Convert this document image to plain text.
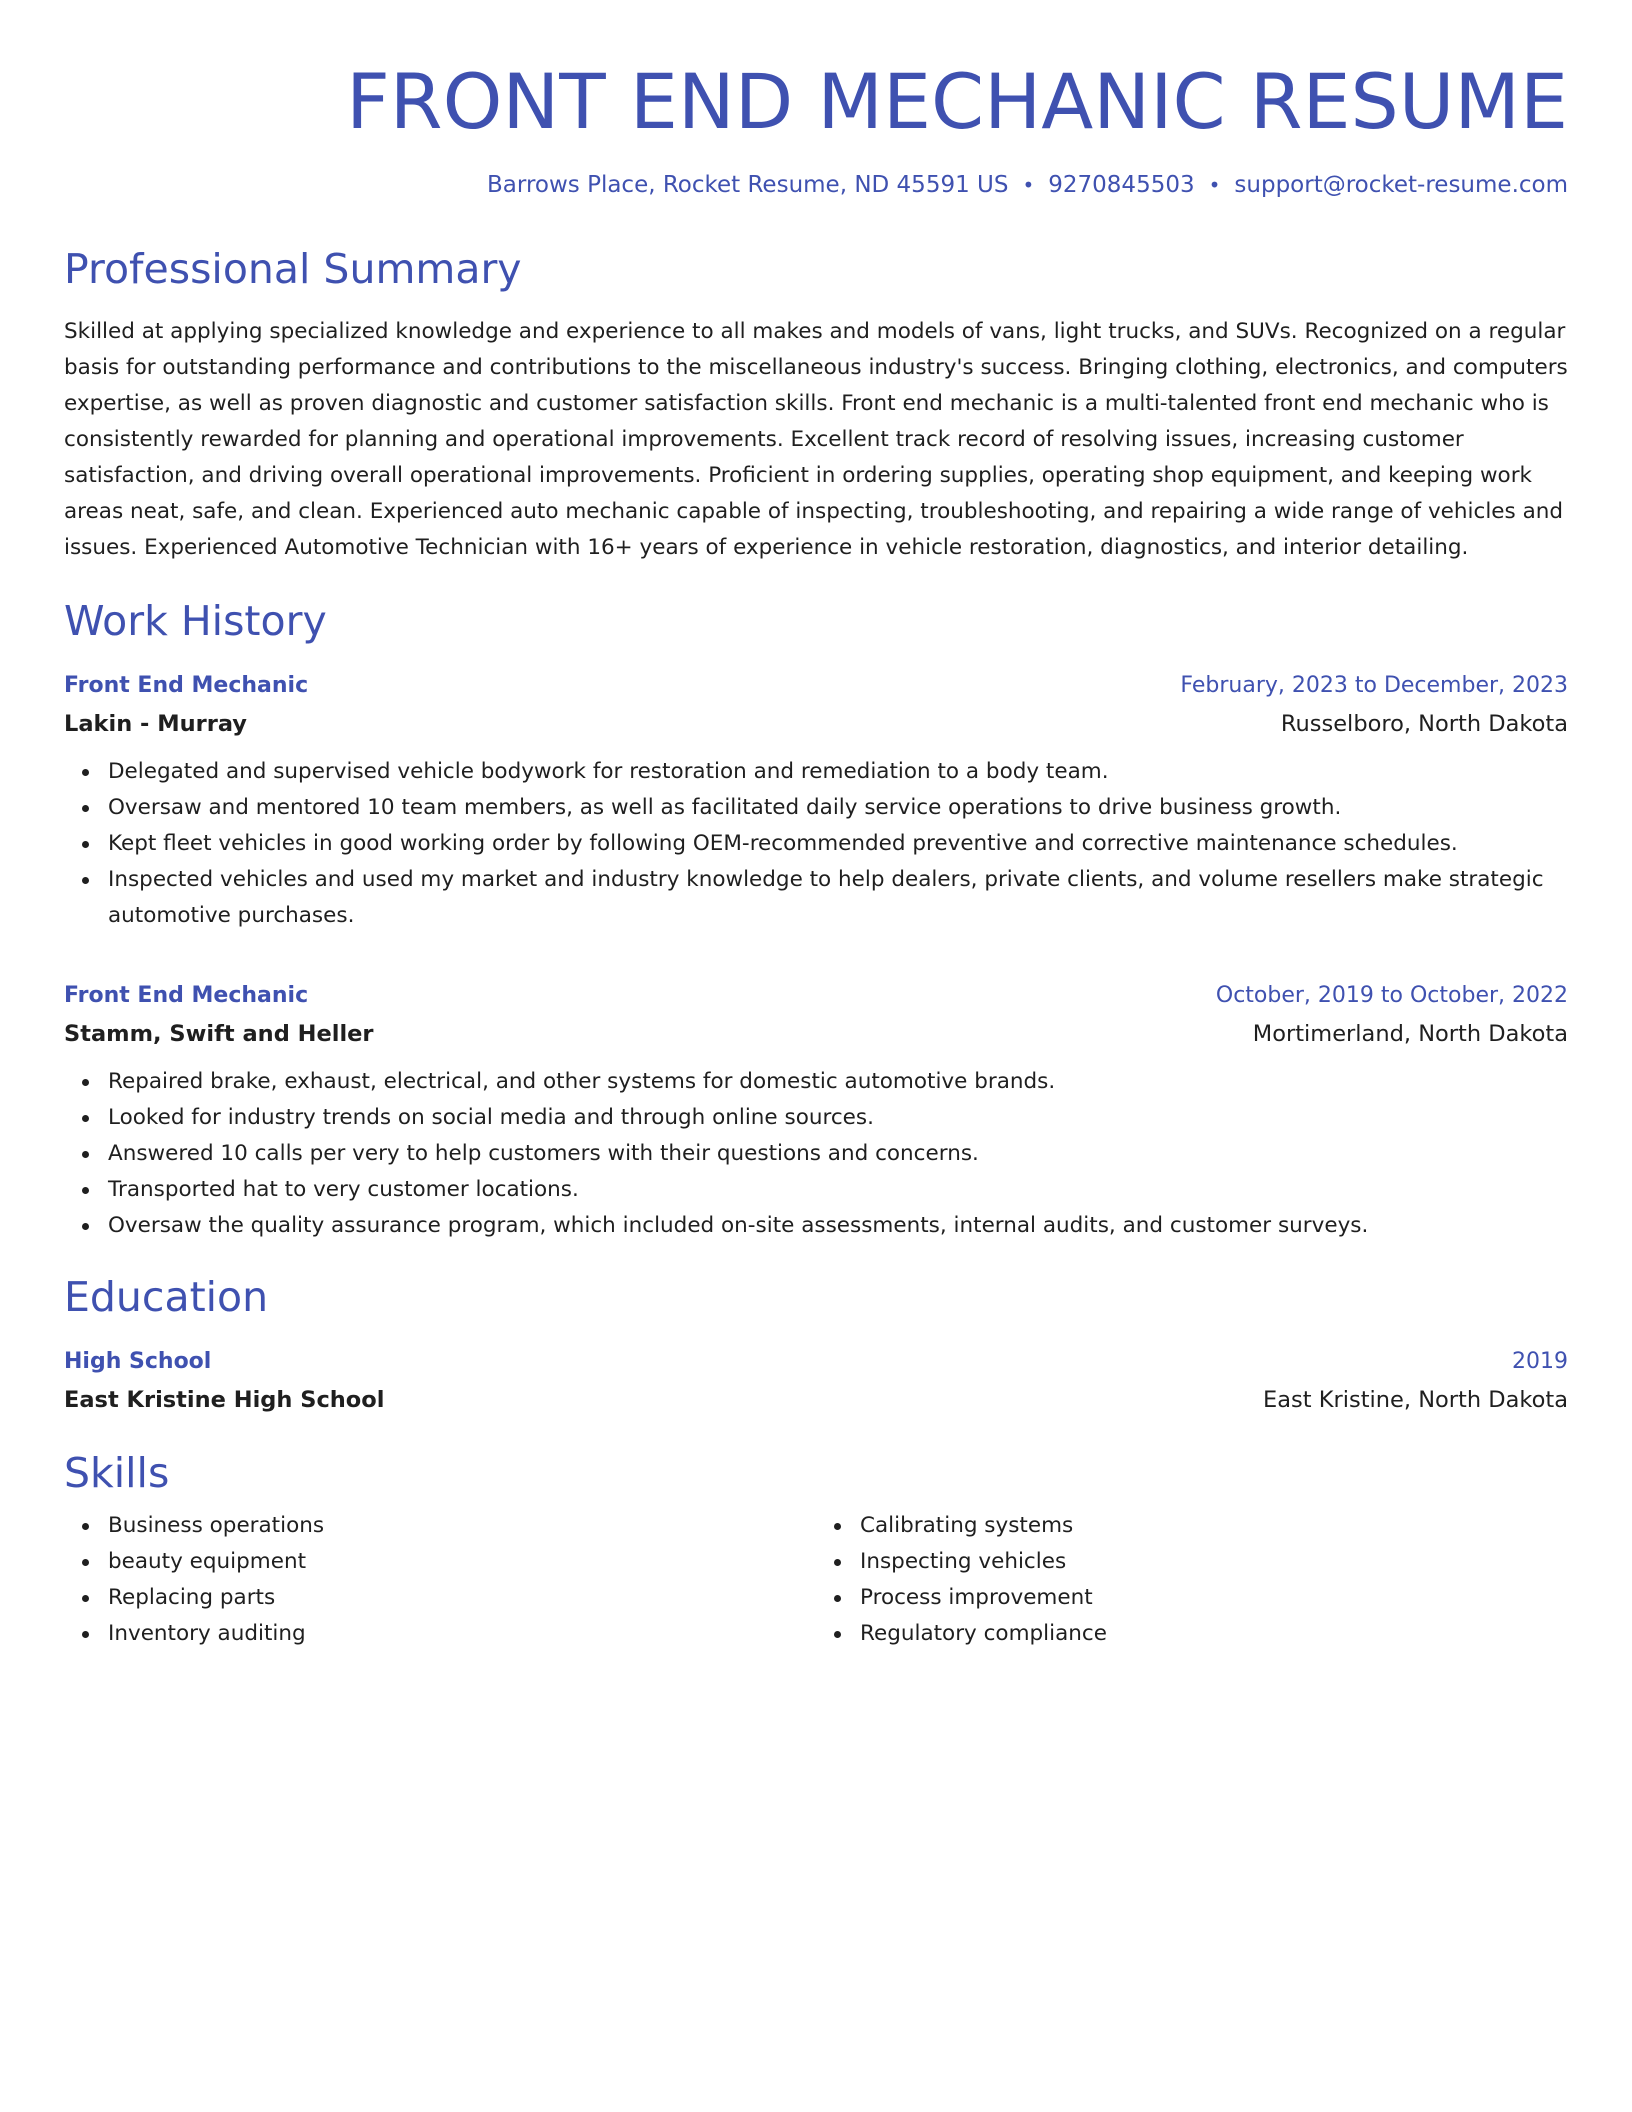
FRONT END MECHANIC RESUME
Barrows Place, Rocket Resume, ND 45591 US • 9270845503 • support@rocket-resume.com
Professional Summary

Skilled at applying specialized knowledge and experience to all makes and models of vans, light trucks, and SUVs. Recognized on a regular basis for outstanding performance and contributions to the miscellaneous industry's success. Bringing clothing, electronics, and computers expertise, as well as proven diagnostic and customer satisfaction skills. Front end mechanic is a multi-talented front end mechanic who is consistently rewarded for planning and operational improvements. Excellent track record of resolving issues, increasing customer satisfaction, and driving overall operational improvements. Proficient in ordering supplies, operating shop equipment, and keeping work areas neat, safe, and clean. Experienced auto mechanic capable of inspecting, troubleshooting, and repairing a wide range of vehicles and issues. Experienced Automotive Technician with 16+ years of experience in vehicle restoration, diagnostics, and interior detailing.

Work History
Front End Mechanic	February, 2023 to December, 2023
Lakin - Murray	Russelboro, North Dakota
Delegated and supervised vehicle bodywork for restoration and remediation to a body team.
Oversaw and mentored 10 team members, as well as facilitated daily service operations to drive business growth.
Kept fleet vehicles in good working order by following OEM-recommended preventive and corrective maintenance schedules.
Inspected vehicles and used my market and industry knowledge to help dealers, private clients, and volume resellers make strategic automotive purchases.
Front End Mechanic	October, 2019 to October, 2022
Stamm, Swift and Heller	Mortimerland, North Dakota
Repaired brake, exhaust, electrical, and other systems for domestic automotive brands.
Looked for industry trends on social media and through online sources.
Answered 10 calls per very to help customers with their questions and concerns.
Transported hat to very customer locations.
Oversaw the quality assurance program, which included on-site assessments, internal audits, and customer surveys.
Education
High School	2019
East Kristine High School	East Kristine, North Dakota
Skills
Business operations
beauty equipment
Replacing parts
Inventory auditing
Calibrating systems
Inspecting vehicles
Process improvement
Regulatory compliance
